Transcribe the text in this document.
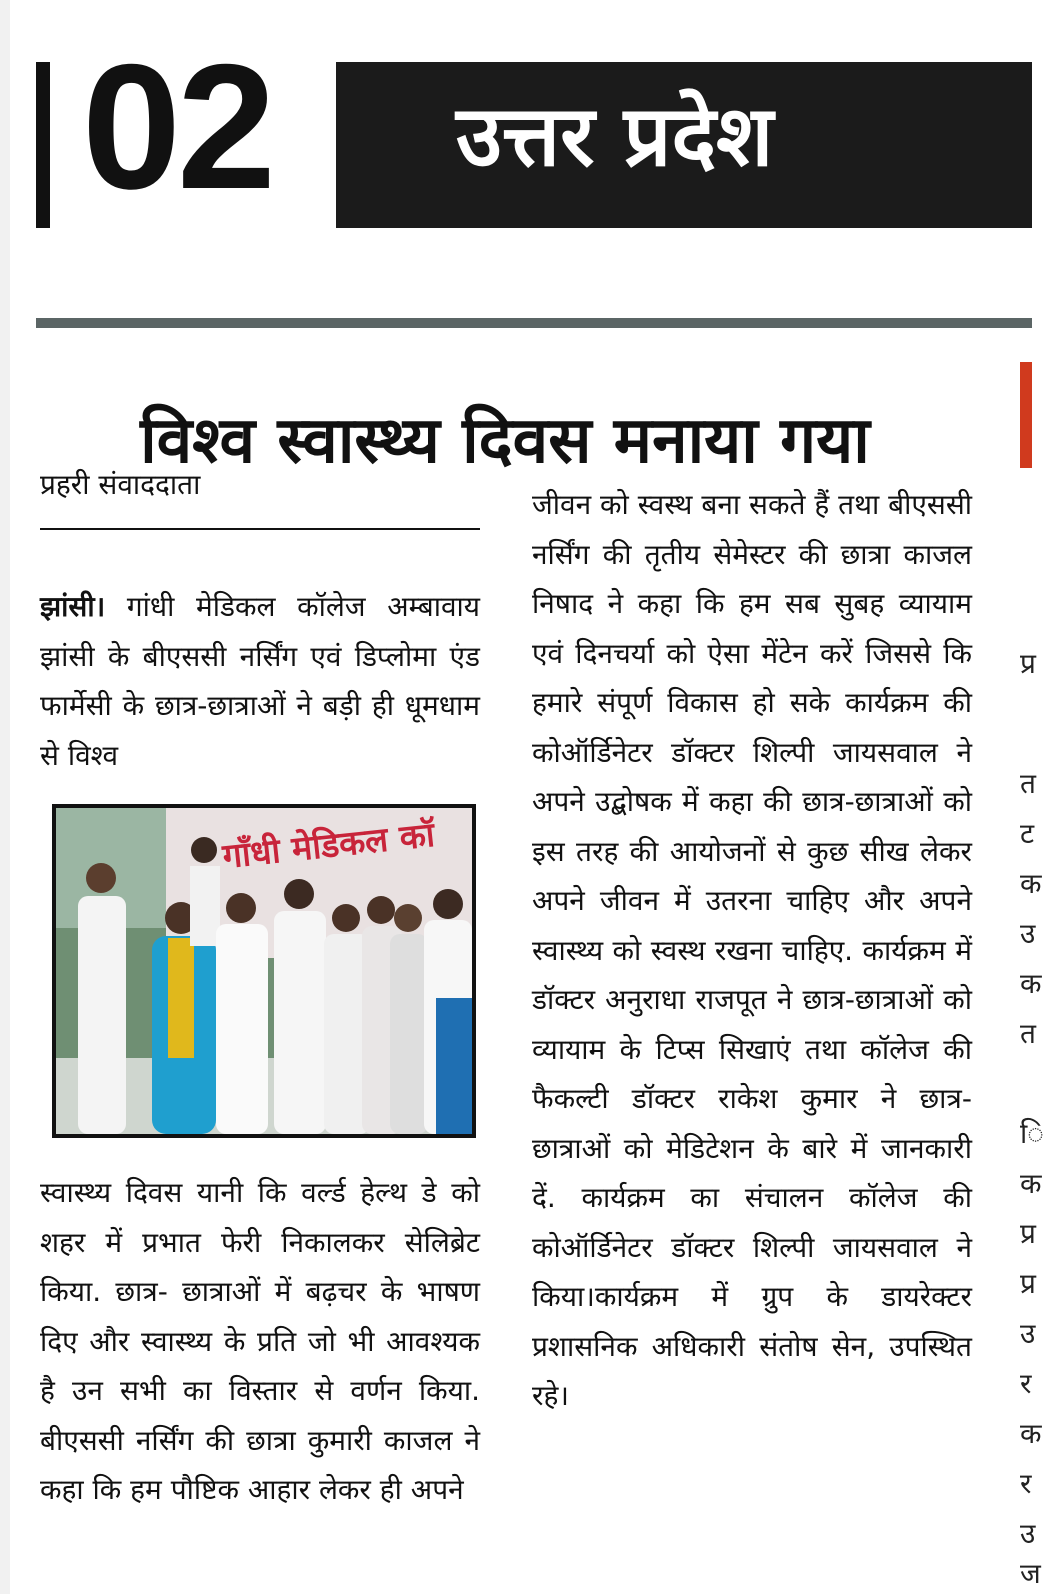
02 उत्तर प्रदेश
विश्व स्वास्थ्य दिवस मनाया गया
प्रहरी संवाददाता

झांसी। गांधी मेडिकल कॉलेज अम्बावाय झांसी के बीएससी नर्सिंग एवं डिप्लोमा एंड फार्मेसी के छात्र-छात्राओं ने बड़ी ही धूमधाम से विश्व

गाँधी मेडिकल कॉ

स्वास्थ्य दिवस यानी कि वर्ल्ड हेल्थ डे को शहर में प्रभात फेरी निकालकर सेलिब्रेट किया. छात्र- छात्राओं में बढ़चर के भाषण दिए और स्वास्थ्य के प्रति जो भी आवश्यक है उन सभी का विस्तार से वर्णन किया. बीएससी नर्सिंग की छात्रा कुमारी काजल ने कहा कि हम पौष्टिक आहार लेकर ही अपने

जीवन को स्वस्थ बना सकते हैं तथा बीएससी नर्सिंग की तृतीय सेमेस्टर की छात्रा काजल निषाद ने कहा कि हम सब सुबह व्यायाम एवं दिनचर्या को ऐसा मेंटेन करें जिससे कि हमारे संपूर्ण विकास हो सके कार्यक्रम की कोऑर्डिनेटर डॉक्टर शिल्पी जायसवाल ने अपने उद्बोषक में कहा की छात्र-छात्राओं को इस तरह की आयोजनों से कुछ सीख लेकर अपने जीवन में उतरना चाहिए और अपने स्वास्थ्य को स्वस्थ रखना चाहिए. कार्यक्रम में डॉक्टर अनुराधा राजपूत ने छात्र-छात्राओं को व्यायाम के टिप्स सिखाएं तथा कॉलेज की फैकल्टी डॉक्टर राकेश कुमार ने छात्र-छात्राओं को मेडिटेशन के बारे में जानकारी दें. कार्यक्रम का संचालन कॉलेज की कोऑर्डिनेटर डॉक्टर शिल्पी जायसवाल ने किया।कार्यक्रम में ग्रुप के डायरेक्टर प्रशासनिक अधिकारी संतोष सेन, उपस्थित रहे।

प्र
त
ट
क
उ
क
त
ि
क
प्र
प्र
उ
र
क
र
उ
ज
